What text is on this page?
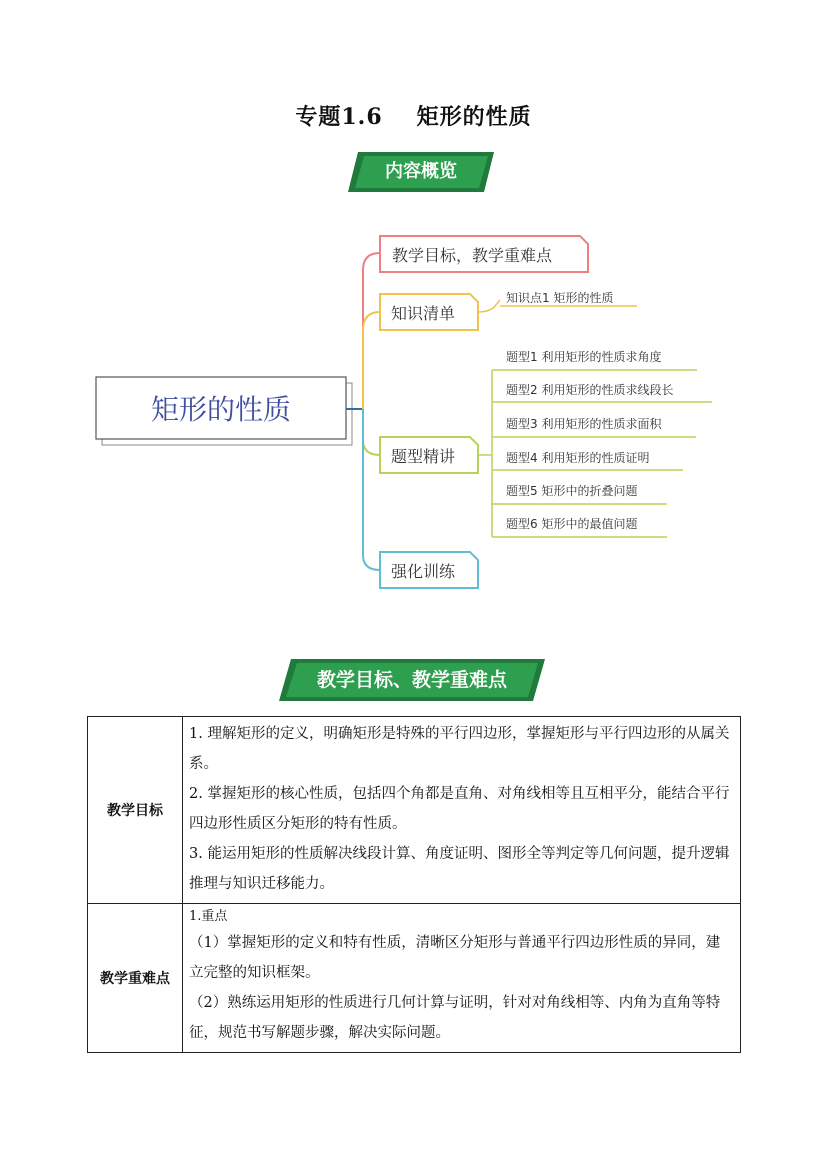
专题1.6 矩形的性质
内容概览
矩形的性质
教学目标，教学重难点
知识清单
题型精讲
强化训练
知识点1 矩形的性质
题型1 利用矩形的性质求角度
题型2 利用矩形的性质求线段长
题型3 利用矩形的性质求面积
题型4 利用矩形的性质证明
题型5 矩形中的折叠问题
题型6 矩形中的最值问题
教学目标、教学重难点
教学目标	1. 理解矩形的定义，明确矩形是特殊的平行四边形，掌握矩形与平行四边形的从属关系。

2. 掌握矩形的核心性质，包括四个角都是直角、对角线相等且互相平分，能结合平行四边形性质区分矩形的特有性质。

3. 能运用矩形的性质解决线段计算、角度证明、图形全等判定等几何问题，提升逻辑推理与知识迁移能力。

教学重难点	1.重点

（1）掌握矩形的定义和特有性质，清晰区分矩形与普通平行四边形性质的异同，建立完整的知识框架。

（2）熟练运用矩形的性质进行几何计算与证明，针对对角线相等、内角为直角等特征，规范书写解题步骤，解决实际问题。
